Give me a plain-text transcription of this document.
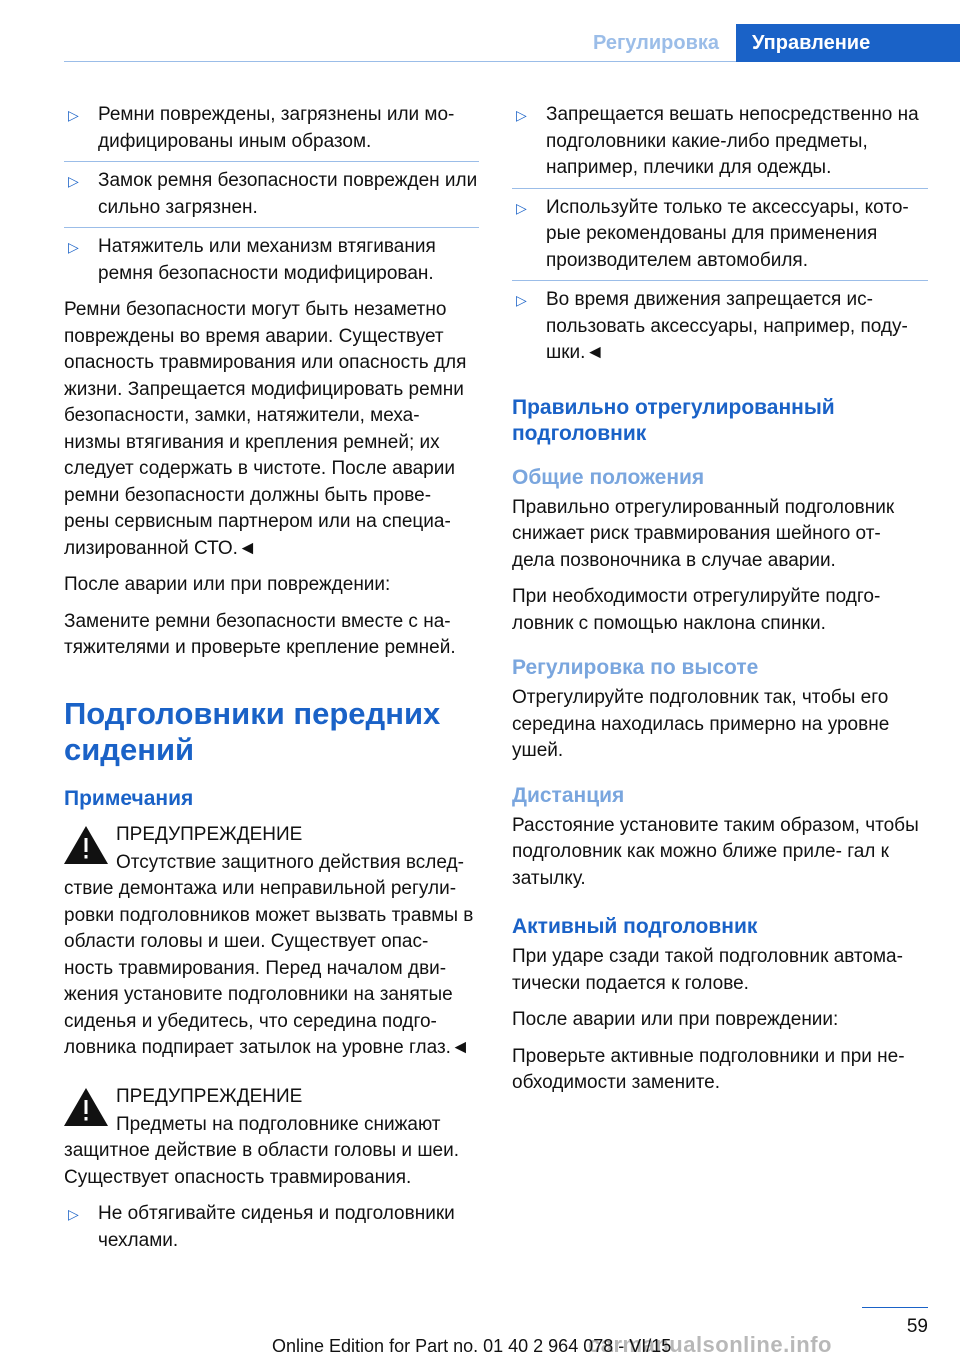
Регулировка	Управление
▷	Ремни повреждены, загрязнены или мо- дифицированы иным образом.
▷	Замок ремня безопасности поврежден или сильно загрязнен.
▷	Натяжитель или механизм втягивания ремня безопасности модифицирован.

Ремни безопасности могут быть незаметно повреждены во время аварии. Существует опасность травмирования или опасность для жизни. Запрещается модифицировать ремни безопасности, замки, натяжители, меха- низмы втягивания и крепления ремней; их следует содержать в чистоте. После аварии ремни безопасности должны быть прове- рены сервисным партнером или на специа- лизированной СТО.◄

После аварии или при повреждении:

Замените ремни безопасности вместе с на- тяжителями и проверьте крепление ремней.

Подголовники передних сидений
Примечания
ПРЕДУПРЕЖДЕНИЕ

Отсутствие защитного действия вслед- ствие демонтажа или неправильной регули- ровки подголовников может вызвать травмы в области головы и шеи. Существует опас- ность травмирования. Перед началом дви- жения установите подголовники на занятые сиденья и убедитесь, что середина подго- ловника подпирает затылок на уровне глаз.◄

ПРЕДУПРЕЖДЕНИЕ

Предметы на подголовнике снижают защитное действие в области головы и шеи. Существует опасность травмирования.

▷	Не обтягивайте сиденья и подголовники чехлами.
▷	Запрещается вешать непосредственно на подголовники какие-либо предметы, например, плечики для одежды.
▷	Используйте только те аксессуары, кото- рые рекомендованы для применения производителем автомобиля.
▷	Во время движения запрещается ис- пользовать аксессуары, например, поду- шки.◄
Правильно отрегулированный подголовник
Общие положения

Правильно отрегулированный подголовник снижает риск травмирования шейного от- дела позвоночника в случае аварии.

При необходимости отрегулируйте подго- ловник с помощью наклона спинки.

Регулировка по высоте

Отрегулируйте подголовник так, чтобы его середина находилась примерно на уровне ушей.

Дистанция

Расстояние установите таким образом, чтобы подголовник как можно ближе приле- гал к затылку.

Активный подголовник

При ударе сзади такой подголовник автома- тически подается к голове.

После аварии или при повреждении:

Проверьте активные подголовники и при не- обходимости замените.

59
carmanualsonline.info
Online Edition for Part no. 01 40 2 964 078 - VI/15
